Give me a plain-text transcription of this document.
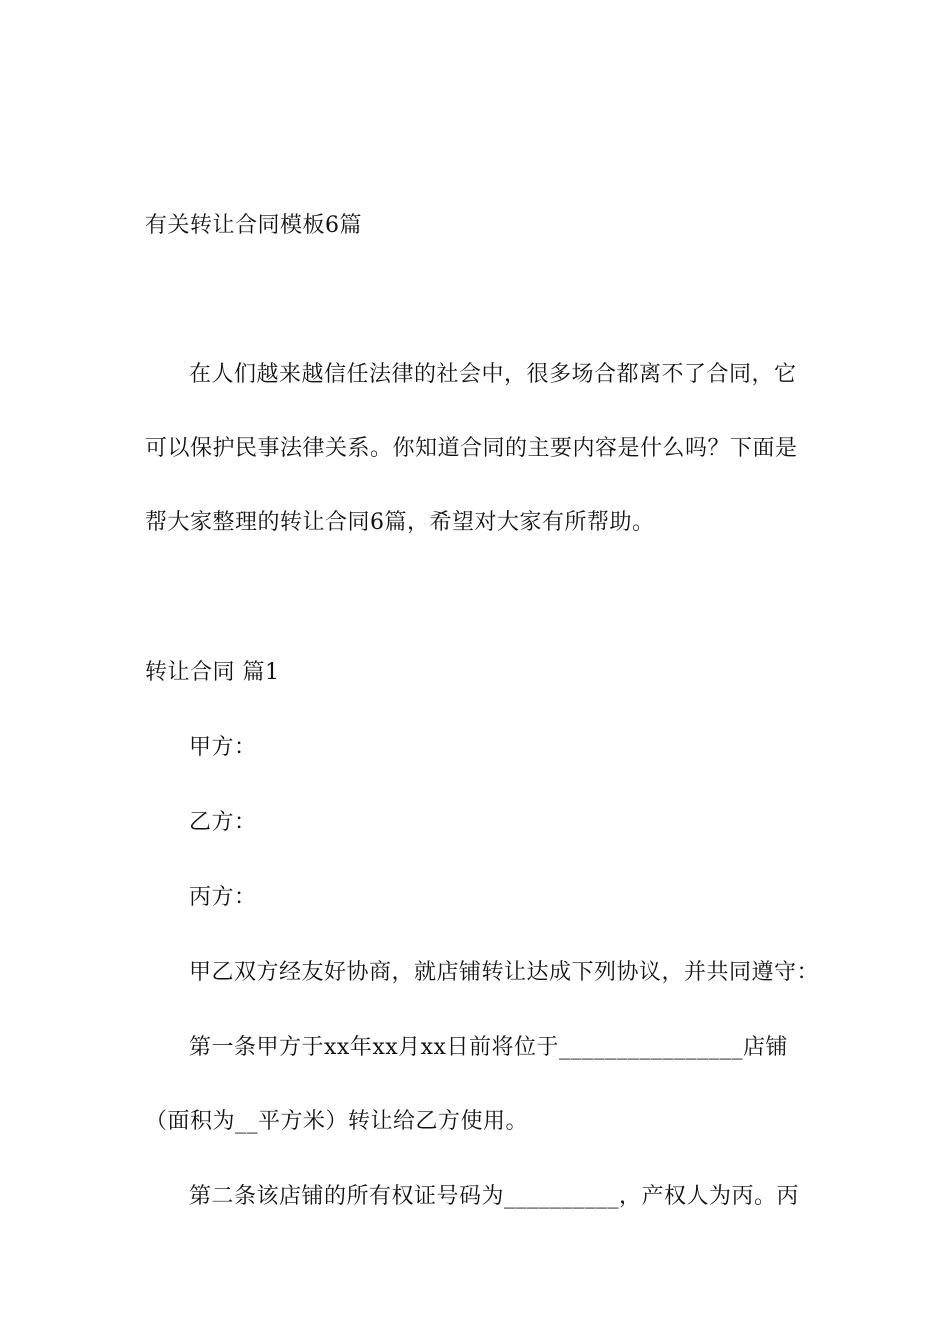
有关转让合同模板6篇
在人们越来越信任法律的社会中，很多场合都离不了合同，它
可以保护民事法律关系。你知道合同的主要内容是什么吗？下面是
帮大家整理的转让合同6篇，希望对大家有所帮助。
转让合同 篇1
甲方：
乙方：
丙方：
甲乙双方经友好协商，就店铺转让达成下列协议，并共同遵守：
第一条甲方于xx年xx月xx日前将位于________________店铺
（面积为__平方米）转让给乙方使用。
第二条该店铺的所有权证号码为__________，产权人为丙。丙
